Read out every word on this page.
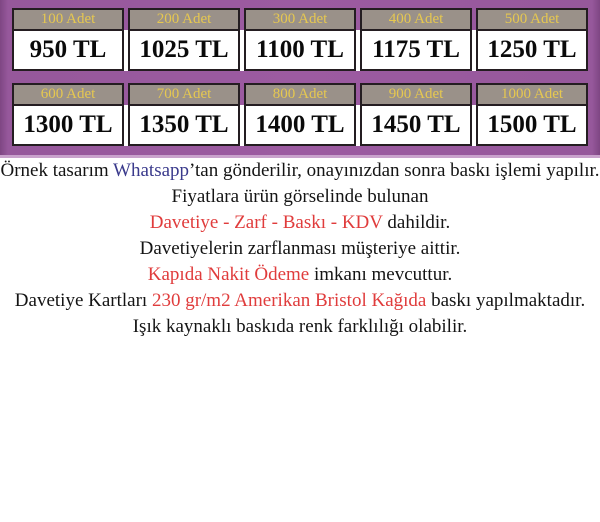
100 Adet	200 Adet	300 Adet	400 Adet	500 Adet
950 TL	1025 TL	1100 TL	1175 TL	1250 TL
600 Adet	700 Adet	800 Adet	900 Adet	1000 Adet
1300 TL	1350 TL	1400 TL	1450 TL	1500 TL

Örnek tasarım Whatsapp’tan gönderilir, onayınızdan sonra baskı işlemi yapılır.

Fiyatlara ürün görselinde bulunan

Davetiye - Zarf - Baskı - KDV dahildir.

Davetiyelerin zarflanması müşteriye aittir.

Kapıda Nakit Ödeme imkanı mevcuttur.

Davetiye Kartları 230 gr/m2 Amerikan Bristol Kağıda baskı yapılmaktadır.

Işık kaynaklı baskıda renk farklılığı olabilir.
